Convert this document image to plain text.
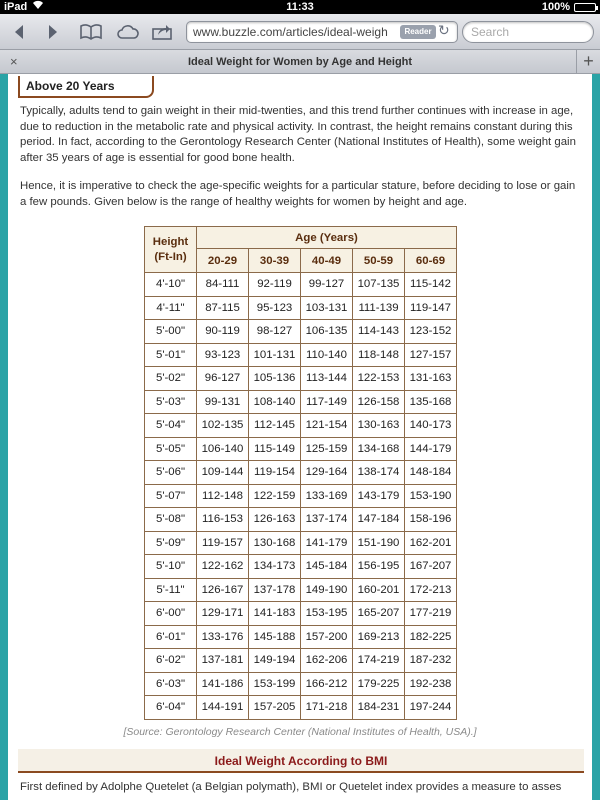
iPad	11:33	100%
www.buzzle.com/articles/ideal-weigh	Reader ↻	Search
×	Ideal Weight for Women by Age and Height	+
Above 20 Years

Typically, adults tend to gain weight in their mid-twenties, and this trend further continues with increase in age, due to reduction in the metabolic rate and physical activity. In contrast, the height remains constant during this period. In fact, according to the Gerontology Research Center (National Institutes of Health), some weight gain after 35 years of age is essential for good bone health.

Hence, it is imperative to check the age-specific weights for a particular stature, before deciding to lose or gain a few pounds. Given below is the range of healthy weights for women by height and age.

Height
(Ft-In)	Age (Years)				
	20-29	30-39	40-49	50-59	60-69
4'-10"	84-111	92-119	99-127	107-135	115-142
4'-11"	87-115	95-123	103-131	111-139	119-147
5'-00"	90-119	98-127	106-135	114-143	123-152
5'-01"	93-123	101-131	110-140	118-148	127-157
5'-02"	96-127	105-136	113-144	122-153	131-163
5'-03"	99-131	108-140	117-149	126-158	135-168
5'-04"	102-135	112-145	121-154	130-163	140-173
5'-05"	106-140	115-149	125-159	134-168	144-179
5'-06"	109-144	119-154	129-164	138-174	148-184
5'-07"	112-148	122-159	133-169	143-179	153-190
5'-08"	116-153	126-163	137-174	147-184	158-196
5'-09"	119-157	130-168	141-179	151-190	162-201
5'-10"	122-162	134-173	145-184	156-195	167-207
5'-11"	126-167	137-178	149-190	160-201	172-213
6'-00"	129-171	141-183	153-195	165-207	177-219
6'-01"	133-176	145-188	157-200	169-213	182-225
6'-02"	137-181	149-194	162-206	174-219	187-232
6'-03"	141-186	153-199	166-212	179-225	192-238
6'-04"	144-191	157-205	171-218	184-231	197-244
[Source: Gerontology Research Center (National Institutes of Health, USA).]
Ideal Weight According to BMI

First defined by Adolphe Quetelet (a Belgian polymath), BMI or Quetelet index provides a measure to asses
